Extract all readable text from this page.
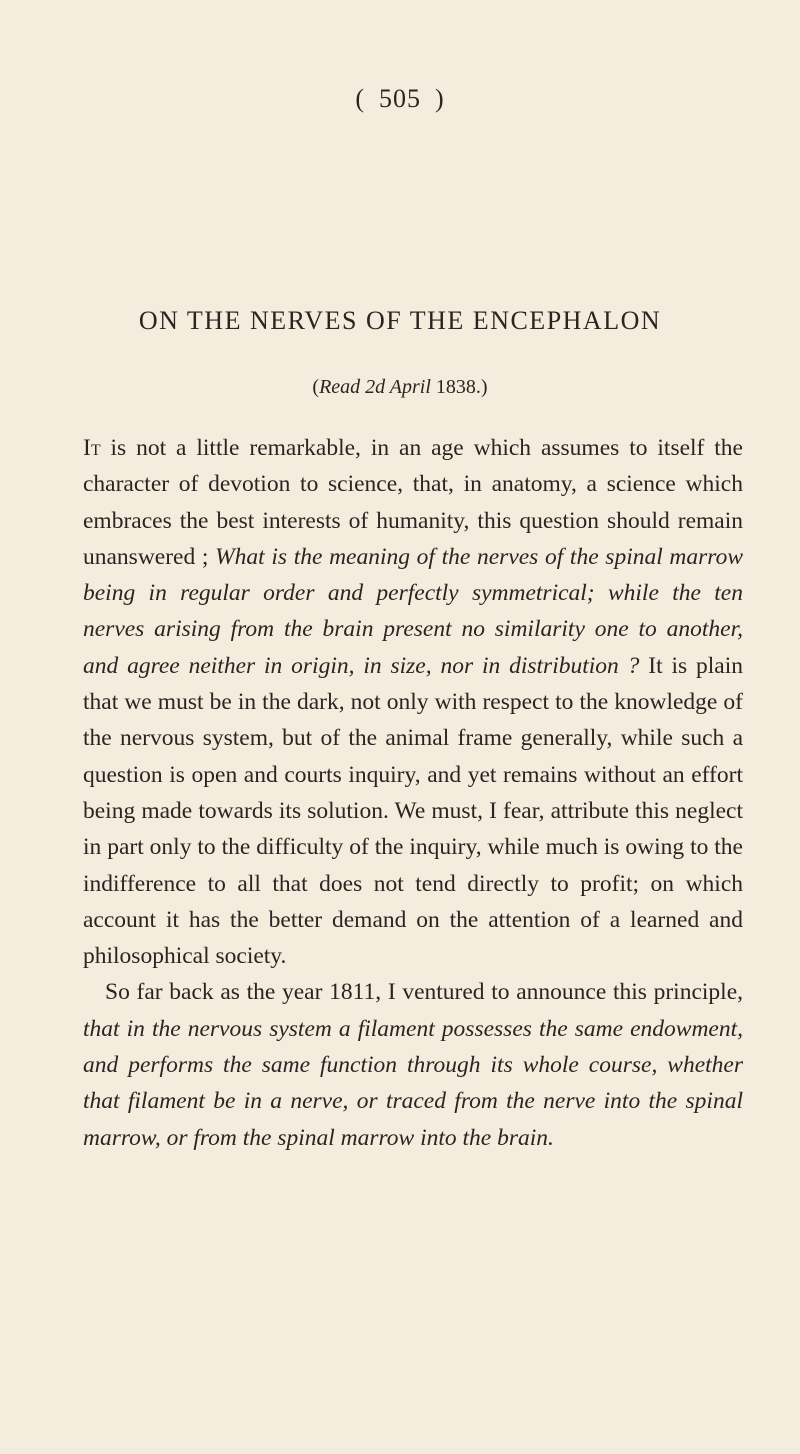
( 505 )
ON THE NERVES OF THE ENCEPHALON
(Read 2d April 1838.)

It is not a little remarkable, in an age which assumes to itself the character of devotion to science, that, in anatomy, a science which embraces the best interests of humanity, this question should remain unanswered ; What is the meaning of the nerves of the spinal marrow being in regular order and perfectly symmetrical; while the ten nerves arising from the brain present no similarity one to another, and agree neither in origin, in size, nor in distribution ? It is plain that we must be in the dark, not only with respect to the knowledge of the nervous system, but of the animal frame generally, while such a question is open and courts inquiry, and yet remains without an effort being made towards its solution. We must, I fear, attribute this neglect in part only to the difficulty of the inquiry, while much is owing to the indifference to all that does not tend directly to profit; on which account it has the better demand on the attention of a learned and philosophical society.

So far back as the year 1811, I ventured to announce this principle, that in the nervous system a filament possesses the same endowment, and performs the same function through its whole course, whether that filament be in a nerve, or traced from the nerve into the spinal marrow, or from the spinal marrow into the brain.
